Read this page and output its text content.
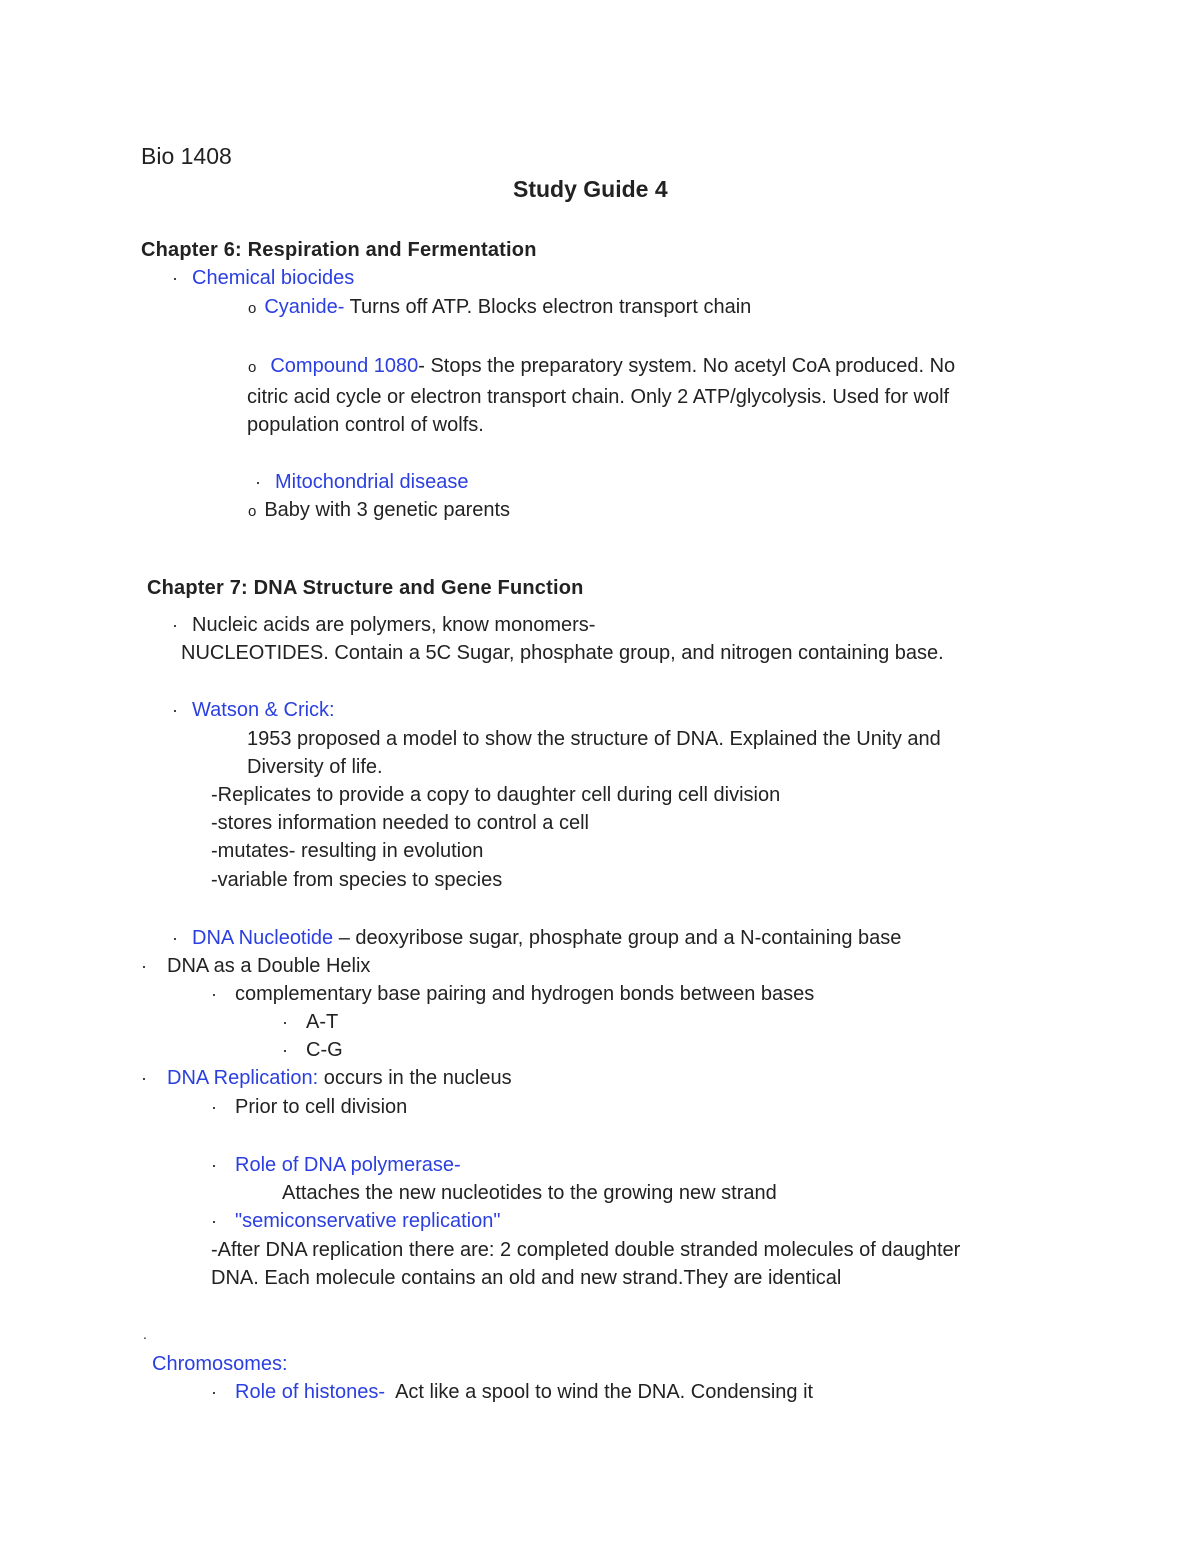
Bio 1408
Study Guide 4
Chapter 6: Respiration and Fermentation
· Chemical biocides
o Cyanide- Turns off ATP. Blocks electron transport chain
o Compound 1080- Stops the preparatory system. No acetyl CoA produced. No
citric acid cycle or electron transport chain. Only 2 ATP/glycolysis. Used for wolf
population control of wolfs.
· Mitochondrial disease
o Baby with 3 genetic parents
Chapter 7: DNA Structure and Gene Function
· Nucleic acids are polymers, know monomers-
NUCLEOTIDES. Contain a 5C Sugar, phosphate group, and nitrogen containing base.
· Watson & Crick:
1953 proposed a model to show the structure of DNA. Explained the Unity and
Diversity of life.
-Replicates to provide a copy to daughter cell during cell division
-stores information needed to control a cell
-mutates- resulting in evolution
-variable from species to species
· DNA Nucleotide – deoxyribose sugar, phosphate group and a N-containing base
· DNA as a Double Helix
· complementary base pairing and hydrogen bonds between bases
· A-T
· C-G
· DNA Replication: occurs in the nucleus
· Prior to cell division
· Role of DNA polymerase-
Attaches the new nucleotides to the growing new strand
· "semiconservative replication"
-After DNA replication there are: 2 completed double stranded molecules of daughter
DNA. Each molecule contains an old and new strand.They are identical
.
Chromosomes:
· Role of histones-  Act like a spool to wind the DNA. Condensing it
